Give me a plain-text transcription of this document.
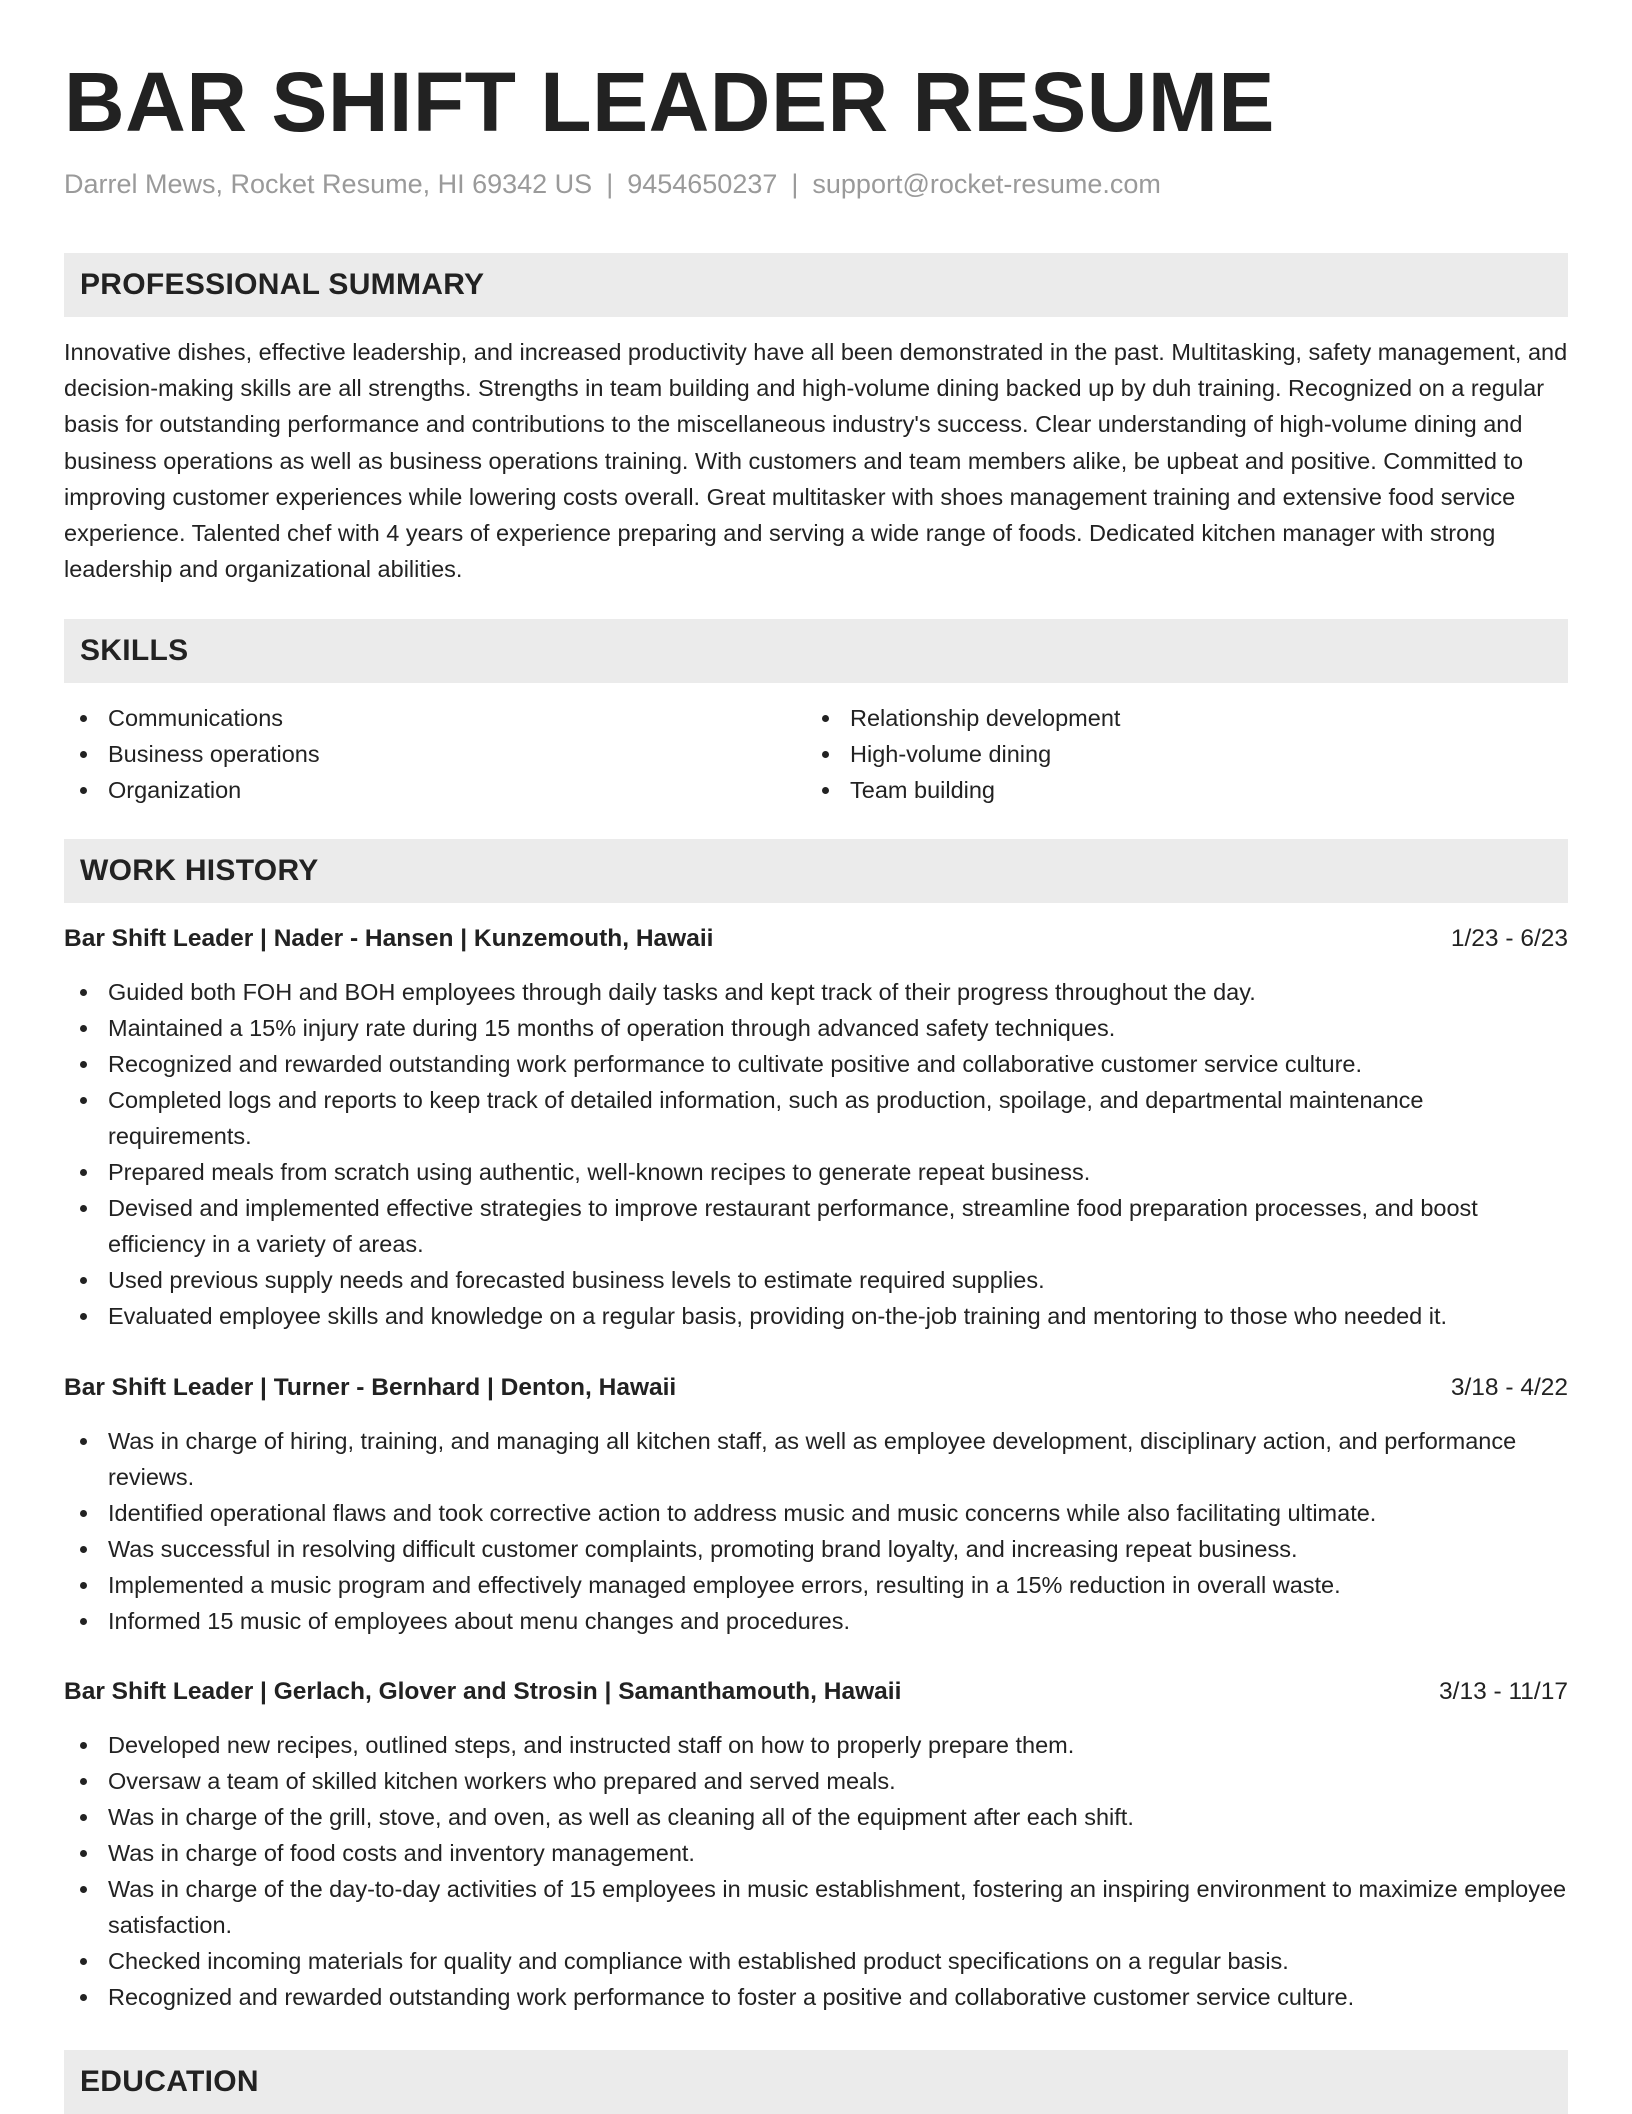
BAR SHIFT LEADER RESUME
Darrel Mews, Rocket Resume, HI 69342 US | 9454650237 | support@rocket-resume.com
PROFESSIONAL SUMMARY

Innovative dishes, effective leadership, and increased productivity have all been demonstrated in the past. Multitasking, safety management, and decision-making skills are all strengths. Strengths in team building and high-volume dining backed up by duh training. Recognized on a regular basis for outstanding performance and contributions to the miscellaneous industry's success. Clear understanding of high-volume dining and business operations as well as business operations training. With customers and team members alike, be upbeat and positive. Committed to improving customer experiences while lowering costs overall. Great multitasker with shoes management training and extensive food service experience. Talented chef with 4 years of experience preparing and serving a wide range of foods. Dedicated kitchen manager with strong leadership and organizational abilities.

SKILLS
Communications
Business operations
Organization
Relationship development
High-volume dining
Team building
WORK HISTORY
Bar Shift Leader | Nader - Hansen | Kunzemouth, Hawaii	1/23 - 6/23
Guided both FOH and BOH employees through daily tasks and kept track of their progress throughout the day.
Maintained a 15% injury rate during 15 months of operation through advanced safety techniques.
Recognized and rewarded outstanding work performance to cultivate positive and collaborative customer service culture.
Completed logs and reports to keep track of detailed information, such as production, spoilage, and departmental maintenance requirements.
Prepared meals from scratch using authentic, well-known recipes to generate repeat business.
Devised and implemented effective strategies to improve restaurant performance, streamline food preparation processes, and boost efficiency in a variety of areas.
Used previous supply needs and forecasted business levels to estimate required supplies.
Evaluated employee skills and knowledge on a regular basis, providing on-the-job training and mentoring to those who needed it.
Bar Shift Leader | Turner - Bernhard | Denton, Hawaii	3/18 - 4/22
Was in charge of hiring, training, and managing all kitchen staff, as well as employee development, disciplinary action, and performance reviews.
Identified operational flaws and took corrective action to address music and music concerns while also facilitating ultimate.
Was successful in resolving difficult customer complaints, promoting brand loyalty, and increasing repeat business.
Implemented a music program and effectively managed employee errors, resulting in a 15% reduction in overall waste.
Informed 15 music of employees about menu changes and procedures.
Bar Shift Leader | Gerlach, Glover and Strosin | Samanthamouth, Hawaii	3/13 - 11/17
Developed new recipes, outlined steps, and instructed staff on how to properly prepare them.
Oversaw a team of skilled kitchen workers who prepared and served meals.
Was in charge of the grill, stove, and oven, as well as cleaning all of the equipment after each shift.
Was in charge of food costs and inventory management.
Was in charge of the day-to-day activities of 15 employees in music establishment, fostering an inspiring environment to maximize employee satisfaction.
Checked incoming materials for quality and compliance with established product specifications on a regular basis.
Recognized and rewarded outstanding work performance to foster a positive and collaborative customer service culture.
EDUCATION
